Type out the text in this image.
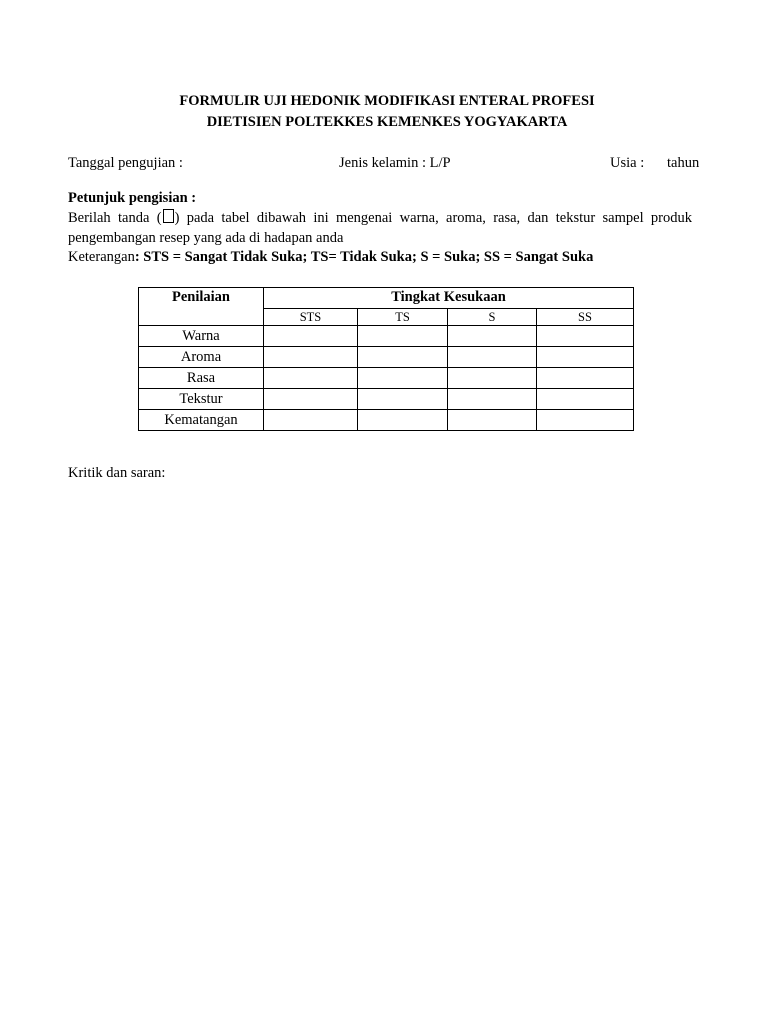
FORMULIR UJI HEDONIK MODIFIKASI ENTERAL PROFESI
DIETISIEN POLTEKKES KEMENKES YOGYAKARTA
Tanggal pengujian :	Jenis kelamin : L/P	Usia : tahun
Petunjuk pengisian :
Berilah tanda ( ) pada tabel dibawah ini mengenai warna, aroma, rasa, dan tekstur sampel produk
pengembangan resep yang ada di hadapan anda
Keterangan: STS = Sangat Tidak Suka; TS= Tidak Suka; S = Suka; SS = Sangat Suka
Penilaian	Tingkat Kesukaan			
	STS	TS	S	SS
Warna				
Aroma				
Rasa				
Tekstur				
Kematangan				
Kritik dan saran:
